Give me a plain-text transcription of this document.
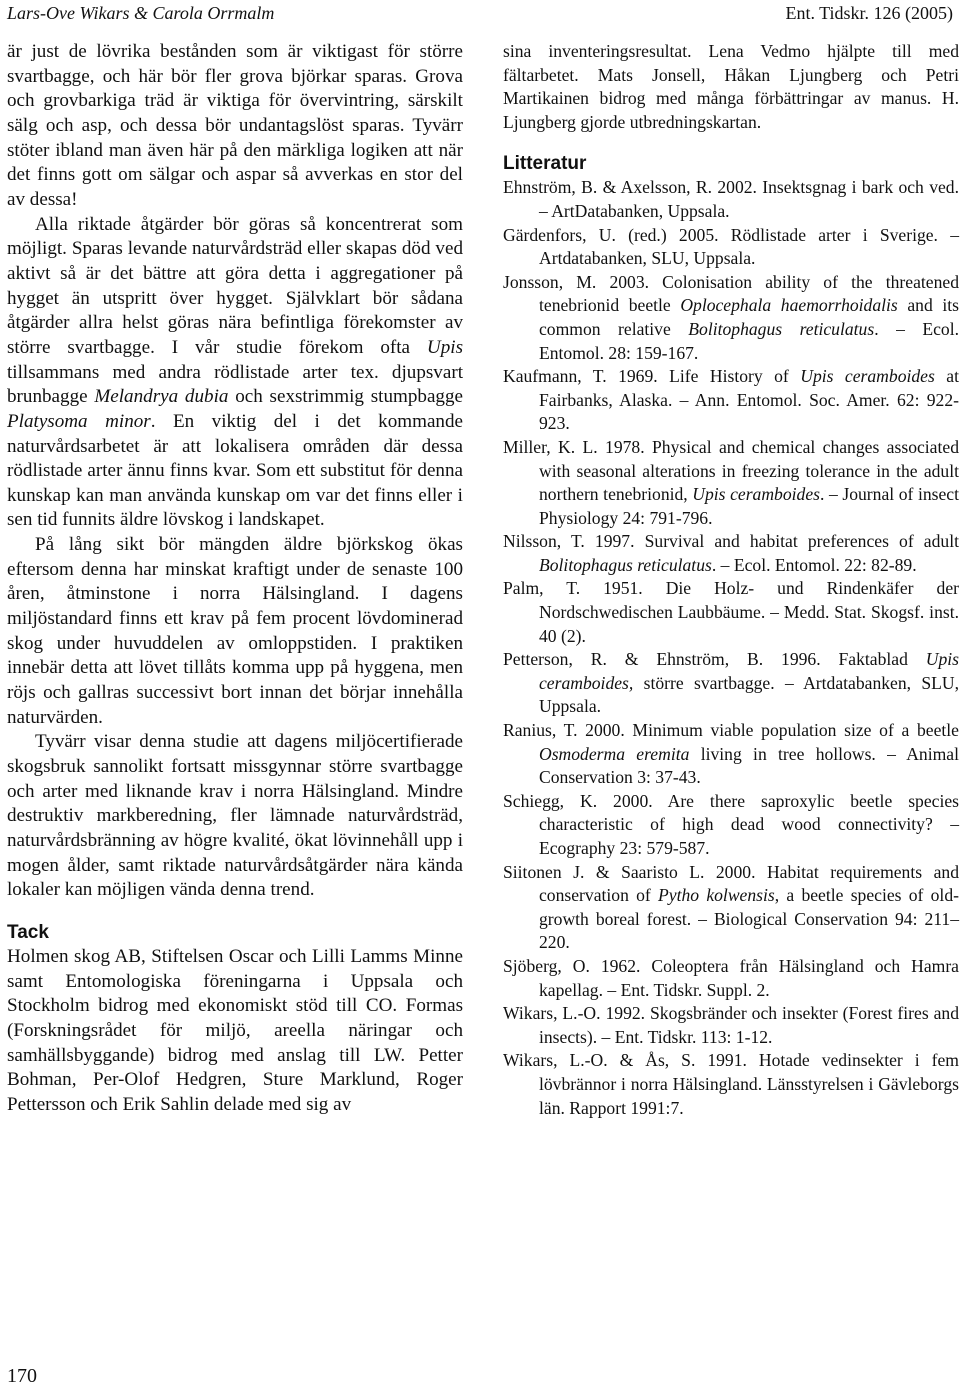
Lars-Ove Wikars & Carola Orrmalm	Ent. Tidskr. 126 (2005)

är just de lövrika bestånden som är viktigast för större svartbagge, och här bör fler grova björkar sparas. Grova och grovbarkiga träd är viktiga för övervintring, särskilt sälg och asp, och dessa bör undantagslöst sparas. Tyvärr stöter ibland man även här på den märkliga logiken att när det finns gott om sälgar och aspar så avverkas en stor del av dessa!

Alla riktade åtgärder bör göras så koncentrerat som möjligt. Sparas levande naturvårdsträd eller skapas död ved aktivt så är det bättre att göra detta i aggregationer på hygget än utspritt över hygget. Självklart bör sådana åtgärder allra helst göras nära befintliga förekomster av större svartbagge. I vår studie förekom ofta Upis tillsammans med andra rödlistade arter tex. djupsvart brunbagge Melandrya dubia och sexstrimmig stumpbagge Platysoma minor. En viktig del i det kommande naturvårdsarbetet är att lokalisera områden där dessa rödlistade arter ännu finns kvar. Som ett substitut för denna kunskap kan man använda kunskap om var det finns eller i sen tid funnits äldre lövskog i landskapet.

På lång sikt bör mängden äldre björkskog ökas eftersom denna har minskat kraftigt under de senaste 100 åren, åtminstone i norra Hälsingland. I dagens miljöstandard finns ett krav på fem procent lövdominerad skog under huvuddelen av omloppstiden. I praktiken innebär detta att lövet tillåts komma upp på hyggena, men röjs och gallras successivt bort innan det börjar innehålla naturvärden.

Tyvärr visar denna studie att dagens miljöcertifierade skogsbruk sannolikt fortsatt missgynnar större svartbagge och arter med liknande krav i norra Hälsingland. Mindre destruktiv markberedning, fler lämnade naturvårdsträd, naturvårdsbränning av högre kvalité, ökat lövinnehåll upp i mogen ålder, samt riktade naturvårdsåtgärder nära kända lokaler kan möjligen vända denna trend.

Tack

Holmen skog AB, Stiftelsen Oscar och Lilli Lamms Minne samt Entomologiska föreningarna i Uppsala och Stockholm bidrog med ekonomiskt stöd till CO. Formas (Forskningsrådet för miljö, areella näringar och samhällsbyggande) bidrog med anslag till LW. Petter Bohman, Per-Olof Hedgren, Sture Marklund, Roger Pettersson och Erik Sahlin delade med sig av

sina inventeringsresultat. Lena Vedmo hjälpte till med fältarbetet. Mats Jonsell, Håkan Ljungberg och Petri Martikainen bidrog med många förbättringar av manus. H. Ljungberg gjorde utbredningskartan.

Litteratur
Ehnström, B. & Axelsson, R. 2002. Insektsgnag i bark och ved. – ArtDatabanken, Uppsala.
Gärdenfors, U. (red.) 2005. Rödlistade arter i Sverige. – Artdatabanken, SLU, Uppsala.
Jonsson, M. 2003. Colonisation ability of the threatened tenebrionid beetle Oplocephala haemorrhoidalis and its common relative Bolitophagus reticulatus. – Ecol. Entomol. 28: 159-167.
Kaufmann, T. 1969. Life History of Upis ceramboides at Fairbanks, Alaska. – Ann. Entomol. Soc. Amer. 62: 922-923.
Miller, K. L. 1978. Physical and chemical changes associated with seasonal alterations in freezing tolerance in the adult northern tenebrionid, Upis ceramboides. – Journal of insect Physiology 24: 791-796.
Nilsson, T. 1997. Survival and habitat preferences of adult Bolitophagus reticulatus. – Ecol. Entomol. 22: 82-89.
Palm, T. 1951. Die Holz- und Rindenkäfer der Nordschwedischen Laubbäume. – Medd. Stat. Skogsf. inst. 40 (2).
Petterson, R. & Ehnström, B. 1996. Faktablad Upis ceramboides, större svartbagge. – Artdatabanken, SLU, Uppsala.
Ranius, T. 2000. Minimum viable population size of a beetle Osmoderma eremita living in tree hollows. – Animal Conservation 3: 37-43.
Schiegg, K. 2000. Are there saproxylic beetle species characteristic of high dead wood connectivity? – Ecography 23: 579-587.
Siitonen J. & Saaristo L. 2000. Habitat requirements and conservation of Pytho kolwensis, a beetle species of old-growth boreal forest. – Biological Conservation 94: 211–220.
Sjöberg, O. 1962. Coleoptera från Hälsingland och Hamra kapellag. – Ent. Tidskr. Suppl. 2.
Wikars, L.-O. 1992. Skogsbränder och insekter (Forest fires and insects). – Ent. Tidskr. 113: 1-12.
Wikars, L.-O. & Ås, S. 1991. Hotade vedinsekter i fem lövbrännor i norra Hälsingland. Länsstyrelsen i Gävleborgs län. Rapport 1991:7.
170
